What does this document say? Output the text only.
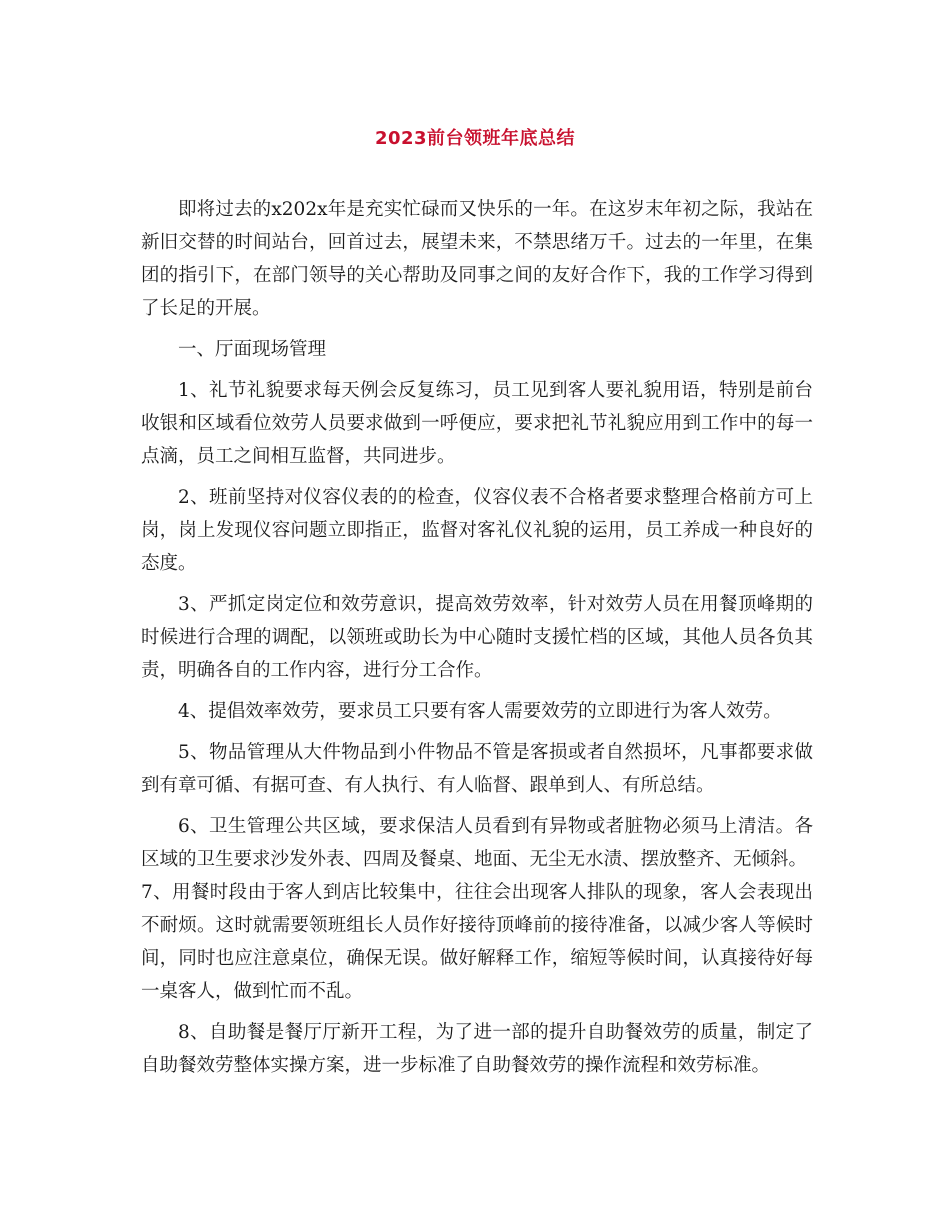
2023前台领班年底总结

即将过去的x202x年是充实忙碌而又快乐的一年。在这岁末年初之际，我站在新旧交替的时间站台，回首过去，展望未来，不禁思绪万千。过去的一年里，在集团的指引下，在部门领导的关心帮助及同事之间的友好合作下，我的工作学习得到了长足的开展。

一、厅面现场管理

1、礼节礼貌要求每天例会反复练习，员工见到客人要礼貌用语，特别是前台收银和区域看位效劳人员要求做到一呼便应，要求把礼节礼貌应用到工作中的每一点滴，员工之间相互监督，共同进步。

2、班前坚持对仪容仪表的的检查，仪容仪表不合格者要求整理合格前方可上岗，岗上发现仪容问题立即指正，监督对客礼仪礼貌的运用，员工养成一种良好的态度。

3、严抓定岗定位和效劳意识，提高效劳效率，针对效劳人员在用餐顶峰期的时候进行合理的调配，以领班或助长为中心随时支援忙档的区域，其他人员各负其责，明确各自的工作内容，进行分工合作。

4、提倡效率效劳，要求员工只要有客人需要效劳的立即进行为客人效劳。

5、物品管理从大件物品到小件物品不管是客损或者自然损坏，凡事都要求做到有章可循、有据可查、有人执行、有人临督、跟单到人、有所总结。

6、卫生管理公共区域，要求保洁人员看到有异物或者脏物必须马上清洁。各区域的卫生要求沙发外表、四周及餐桌、地面、无尘无水渍、摆放整齐、无倾斜。

7、用餐时段由于客人到店比较集中，往往会出现客人排队的现象，客人会表现出不耐烦。这时就需要领班组长人员作好接待顶峰前的接待准备，以减少客人等候时间，同时也应注意桌位，确保无误。做好解释工作，缩短等候时间，认真接待好每一桌客人，做到忙而不乱。

8、自助餐是餐厅厅新开工程，为了进一部的提升自助餐效劳的质量，制定了自助餐效劳整体实操方案，进一步标准了自助餐效劳的操作流程和效劳标准。
